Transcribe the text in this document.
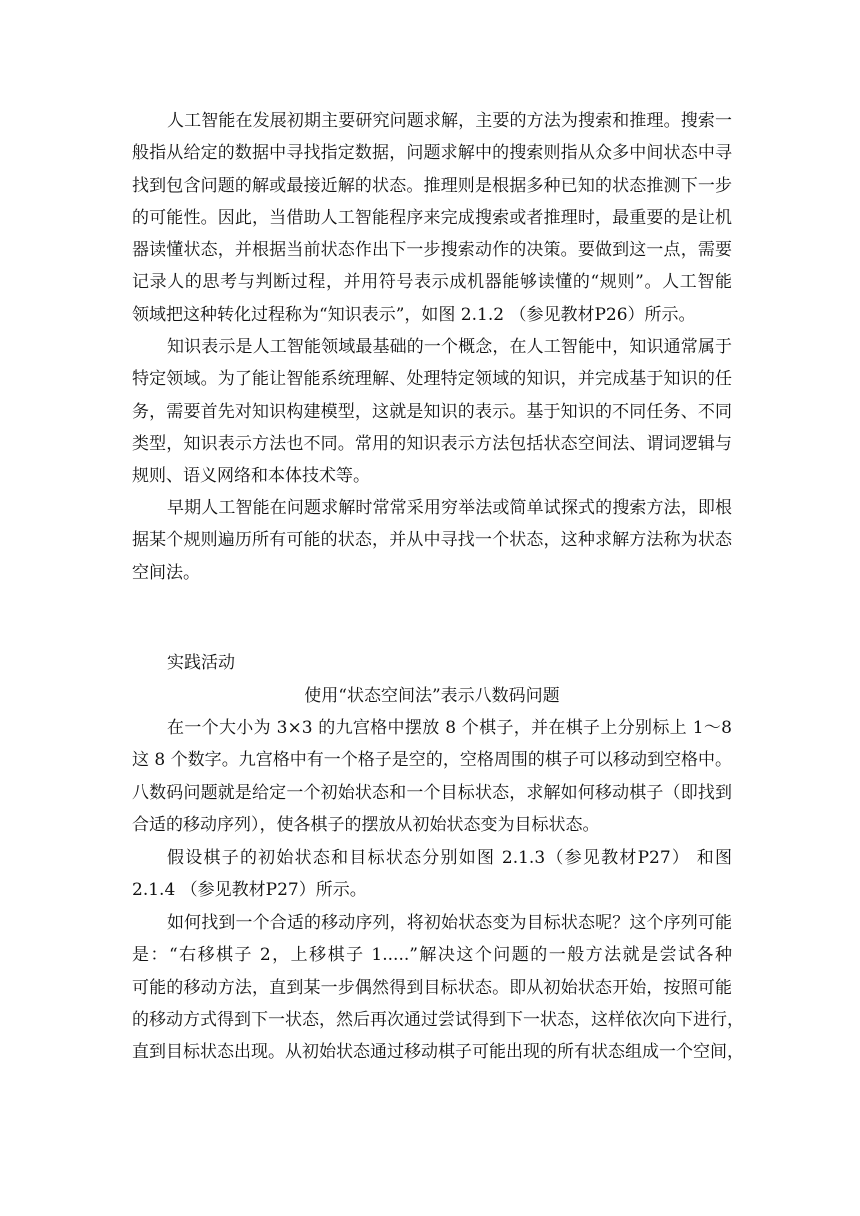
人工智能在发展初期主要研究问题求解，主要的方法为搜索和推理。搜索一
般指从给定的数据中寻找指定数据，问题求解中的搜索则指从众多中间状态中寻
找到包含问题的解或最接近解的状态。推理则是根据多种已知的状态推测下一步
的可能性。因此，当借助人工智能程序来完成搜索或者推理时，最重要的是让机
器读懂状态，并根据当前状态作出下一步搜索动作的决策。要做到这一点，需要
记录人的思考与判断过程，并用符号表示成机器能够读懂的“规则”。人工智能
领域把这种转化过程称为“知识表示”，如图 2.1.2 （参见教材P26）所示。
知识表示是人工智能领域最基础的一个概念，在人工智能中，知识通常属于
特定领域。为了能让智能系统理解、处理特定领域的知识，并完成基于知识的任
务，需要首先对知识构建模型，这就是知识的表示。基于知识的不同任务、不同
类型，知识表示方法也不同。常用的知识表示方法包括状态空间法、谓词逻辑与
规则、语义网络和本体技术等。
早期人工智能在问题求解时常常采用穷举法或简单试探式的搜索方法，即根
据某个规则遍历所有可能的状态，并从中寻找一个状态，这种求解方法称为状态
空间法。
实践活动
使用“状态空间法”表示八数码问题
在一个大小为 3×3 的九宫格中摆放 8 个棋子，并在棋子上分别标上 1～8
这 8 个数字。九宫格中有一个格子是空的，空格周围的棋子可以移动到空格中。
八数码问题就是给定一个初始状态和一个目标状态，求解如何移动棋子（即找到
合适的移动序列），使各棋子的摆放从初始状态变为目标状态。
假设棋子的初始状态和目标状态分别如图 2.1.3（参见教材P27） 和图
2.1.4 （参见教材P27）所示。
如何找到一个合适的移动序列，将初始状态变为目标状态呢？这个序列可能
是：“右移棋子 2，上移棋子 1.....”解决这个问题的一般方法就是尝试各种
可能的移动方法，直到某一步偶然得到目标状态。即从初始状态开始，按照可能
的移动方式得到下一状态，然后再次通过尝试得到下一状态，这样依次向下进行，
直到目标状态出现。从初始状态通过移动棋子可能出现的所有状态组成一个空间，
